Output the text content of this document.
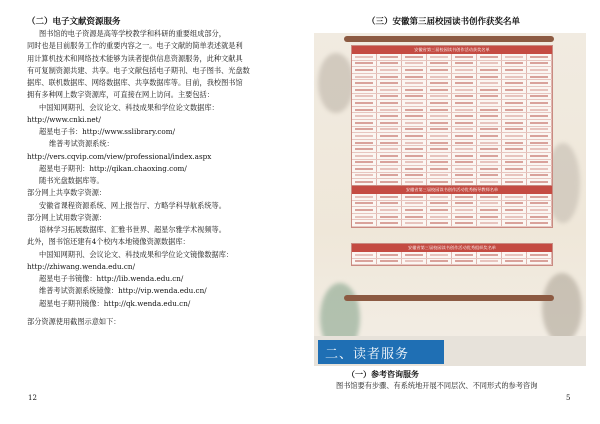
（二）电子文献资源服务
图书馆的电子资源是高等学校教学和科研的重要组成部分，
同时也是目前服务工作的重要内容之一。电子文献的简单表述就是利
用计算机技术和网络技术能够为读者提供信息资源服务，此种文献具
有可复制资源共建、共享。电子文献包括电子期刊、电子图书、光盘数
据库、联机数据库、网络数据库、共享数据库等。目前，我校图书馆
拥有多种网上数字资源库，可直接在网上访问。主要包括：
中国知网期刊、会议论文、科技成果和学位论文数据库：
http://www.cnki.net/
超星电子书：http://www.sslibrary.com/
维普考试资源系统：
http://vers.cqvip.com/view/professional/index.aspx
超星电子期刊：http://qikan.chaoxing.com/
随书光盘数据库等。
部分网上共享数字资源：
安徽省课程资源系统、网上报告厅、方略学科导航系统等。
部分网上试用数字资源：
语林学习拓展数据库、汇雅书世界、超星尔雅学术视频等。
此外，图书馆还建有4个校内本地镜像资源数据库：
中国知网期刊、会议论文、科技成果和学位论文镜像数据库：
http://zhiwang.wenda.edu.cn/
超星电子书镜像：http://lib.wenda.edu.cn/
维普考试资源系统镜像：http://vip.wenda.edu.cn/
超星电子期刊镜像：http://qk.wenda.edu.cn/
部分资源使用截图示意如下：
12
（三）安徽第三届校园读书创作获奖名单
安徽省第三届校园读书创作活动获奖名单

安徽省第三届校园读书创作活动优秀指导教师名单

安徽省第三届校园读书创作活动优秀组织奖名单

二、读者服务
（一）参考咨询服务
图书馆要有步骤、有系统地开展不同层次、不同形式的参考咨询
5
